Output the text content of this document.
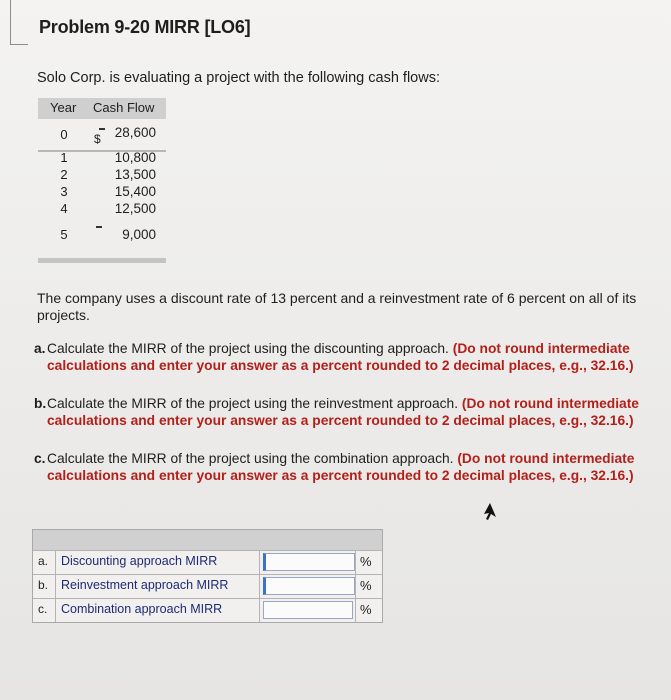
Problem 9-20 MIRR [LO6]
Solo Corp. is evaluating a project with the following cash flows:
Year Cash Flow
0	$	28,600
1	10,800
2	13,500
3	15,400
4	12,500
5	9,000
The company uses a discount rate of 13 percent and a reinvestment rate of 6 percent on all of its projects.
a. Calculate the MIRR of the project using the discounting approach. (Do not round intermediate calculations and enter your answer as a percent rounded to 2 decimal places, e.g., 32.16.)
b. Calculate the MIRR of the project using the reinvestment approach. (Do not round intermediate calculations and enter your answer as a percent rounded to 2 decimal places, e.g., 32.16.)
c. Calculate the MIRR of the project using the combination approach. (Do not round intermediate calculations and enter your answer as a percent rounded to 2 decimal places, e.g., 32.16.)
a. Discounting approach MIRR	%
b. Reinvestment approach MIRR	%
c. Combination approach MIRR	%
